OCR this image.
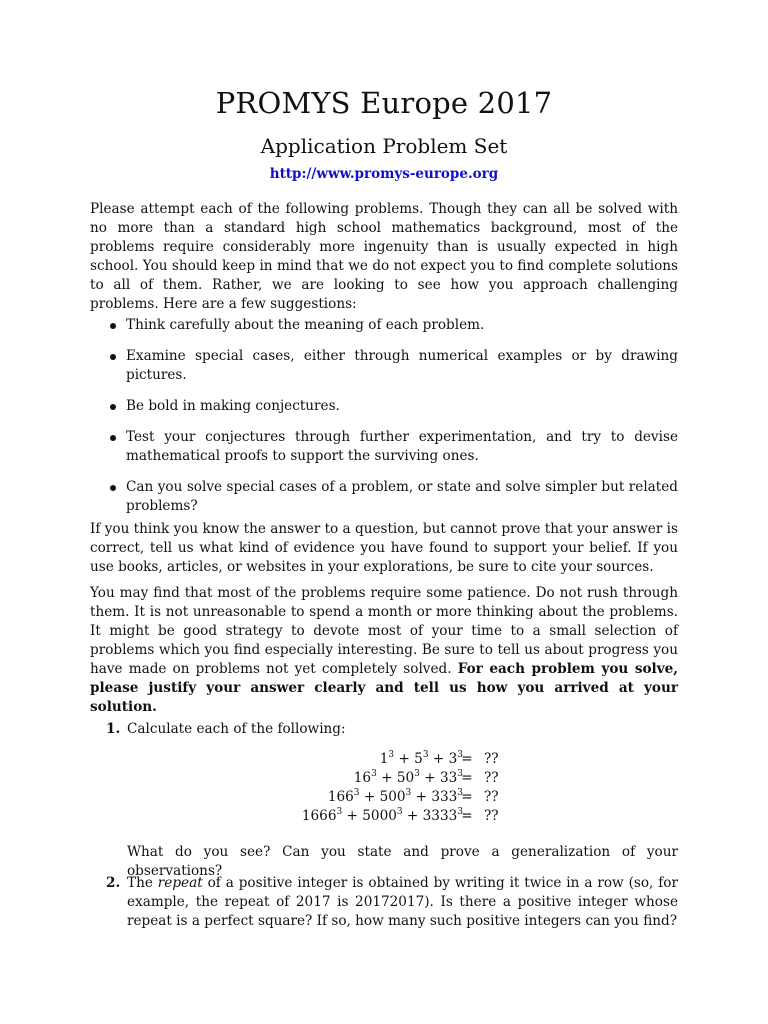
PROMYS Europe 2017
Application Problem Set
http://www.promys-europe.org

Please attempt each of the following problems. Though they can all be solved with no more than a standard high school mathematics background, most of the problems require considerably more ingenuity than is usually expected in high school. You should keep in mind that we do not expect you to find complete solutions to all of them. Rather, we are looking to see how you approach challenging problems. Here are a few suggestions:

Think carefully about the meaning of each problem.
Examine special cases, either through numerical examples or by drawing pictures.
Be bold in making conjectures.
Test your conjectures through further experimentation, and try to devise mathematical proofs to support the surviving ones.
Can you solve special cases of a problem, or state and solve simpler but related problems?

If you think you know the answer to a question, but cannot prove that your answer is correct, tell us what kind of evidence you have found to support your belief. If you use books, articles, or websites in your explorations, be sure to cite your sources.

You may find that most of the problems require some patience. Do not rush through them. It is not unreasonable to spend a month or more thinking about the problems. It might be good strategy to devote most of your time to a small selection of problems which you find especially interesting. Be sure to tell us about progress you have made on problems not yet completely solved. For each problem you solve, please justify your answer clearly and tell us how you arrived at your solution.

1. Calculate each of the following:
$1^3 + 5^3 + 3^3$
= ??
$16^3 + 50^3 + 33^3$
= ??
$166^3 + 500^3 + 333^3$
= ??
$1666^3 + 5000^3 + 3333^3$
= ??
What do you see? Can you state and prove a generalization of your observations?
2. The repeat of a positive integer is obtained by writing it twice in a row (so, for example, the repeat of 2017 is 20172017). Is there a positive integer whose repeat is a perfect square? If so, how many such positive integers can you find?
